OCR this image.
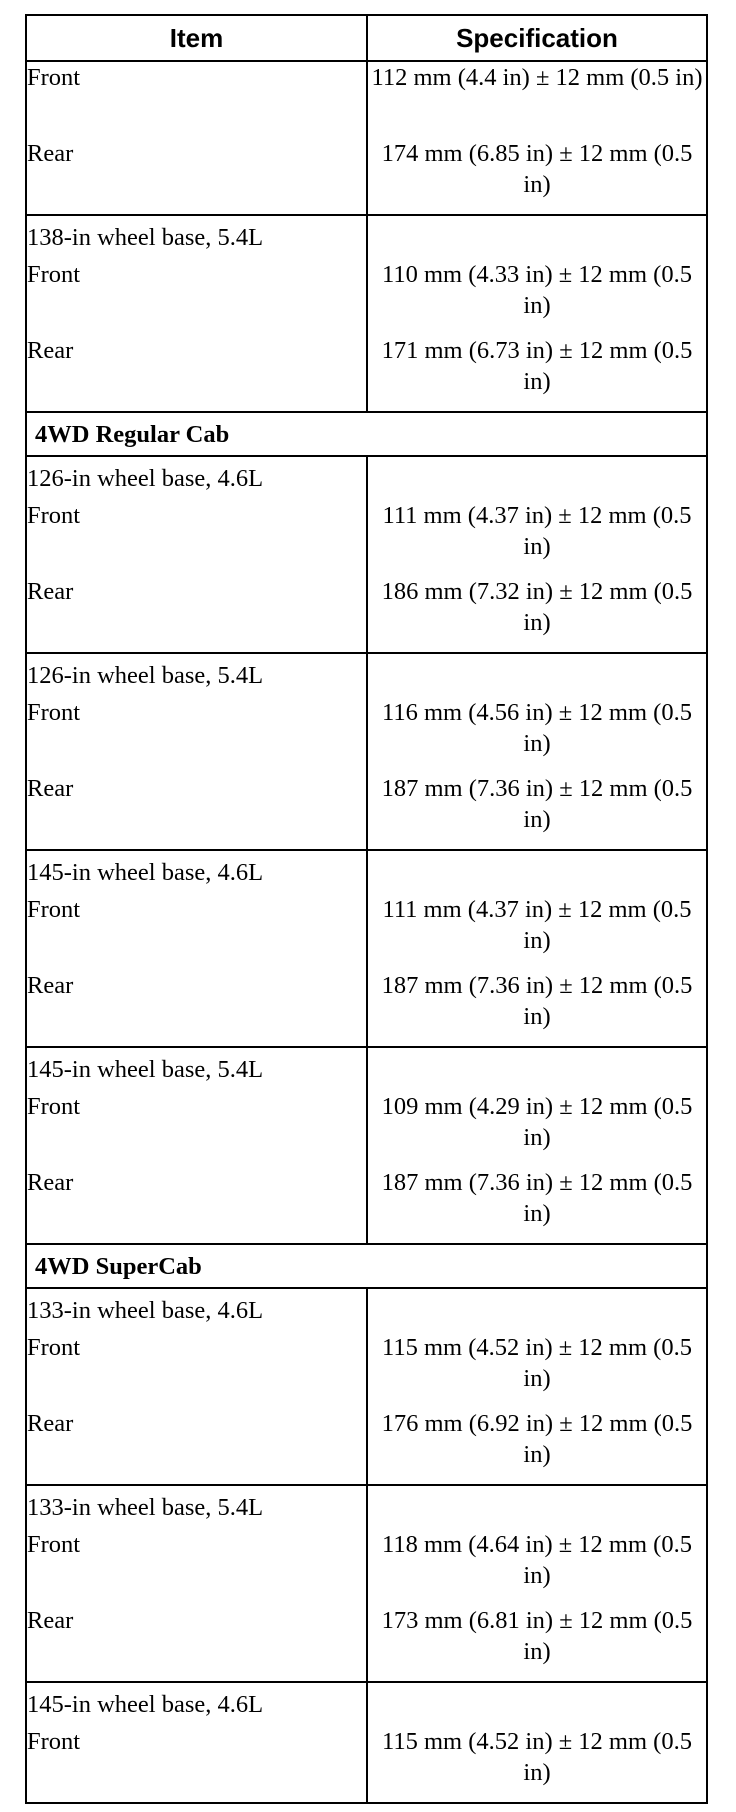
Item	Specification
Front	112 mm (4.4 in) ± 12 mm (0.5 in)
Rear	174 mm (6.85 in) ± 12 mm (0.5 in)
138-in wheel base, 5.4L	
Front	110 mm (4.33 in) ± 12 mm (0.5 in)
Rear	171 mm (6.73 in) ± 12 mm (0.5 in)
4WD Regular Cab	
126-in wheel base, 4.6L	
Front	111 mm (4.37 in) ± 12 mm (0.5 in)
Rear	186 mm (7.32 in) ± 12 mm (0.5 in)
126-in wheel base, 5.4L	
Front	116 mm (4.56 in) ± 12 mm (0.5 in)
Rear	187 mm (7.36 in) ± 12 mm (0.5 in)
145-in wheel base, 4.6L	
Front	111 mm (4.37 in) ± 12 mm (0.5 in)
Rear	187 mm (7.36 in) ± 12 mm (0.5 in)
145-in wheel base, 5.4L	
Front	109 mm (4.29 in) ± 12 mm (0.5 in)
Rear	187 mm (7.36 in) ± 12 mm (0.5 in)
4WD SuperCab	
133-in wheel base, 4.6L	
Front	115 mm (4.52 in) ± 12 mm (0.5 in)
Rear	176 mm (6.92 in) ± 12 mm (0.5 in)
133-in wheel base, 5.4L	
Front	118 mm (4.64 in) ± 12 mm (0.5 in)
Rear	173 mm (6.81 in) ± 12 mm (0.5 in)
145-in wheel base, 4.6L	
Front	115 mm (4.52 in) ± 12 mm (0.5 in)
